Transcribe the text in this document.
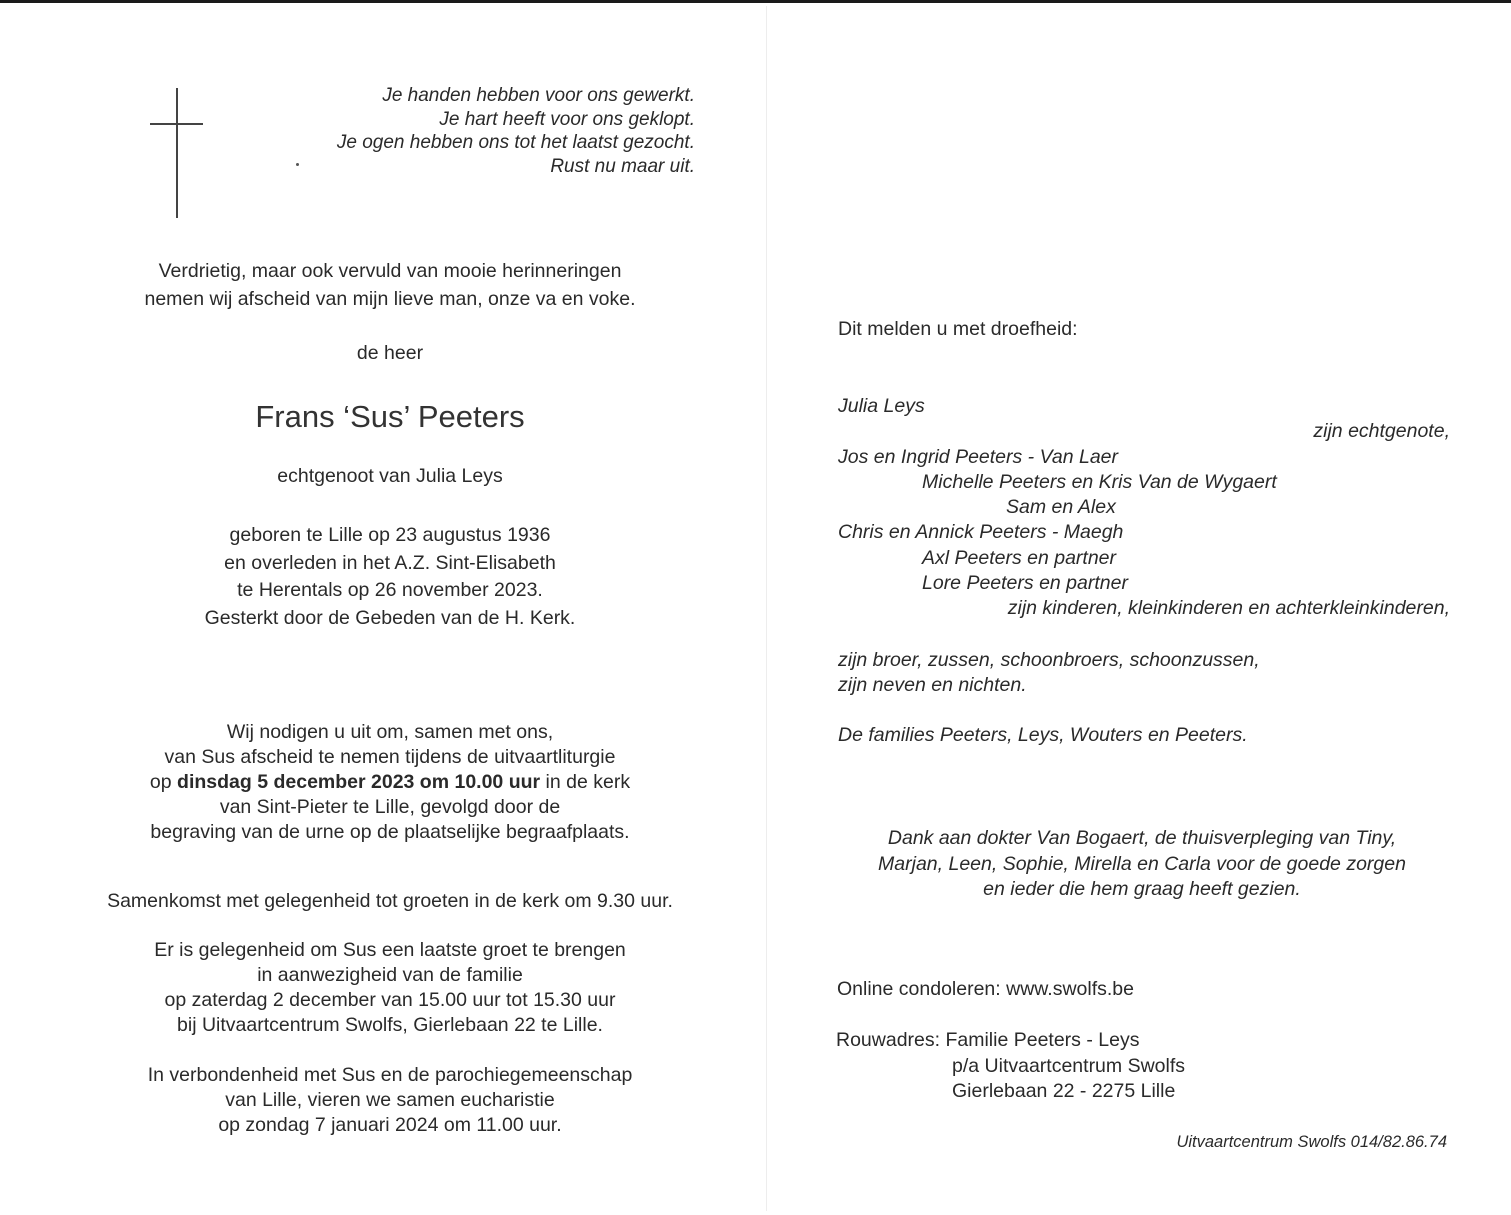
Je handen hebben voor ons gewerkt.
Je hart heeft voor ons geklopt.
Je ogen hebben ons tot het laatst gezocht.
Rust nu maar uit.
Verdrietig, maar ook vervuld van mooie herinneringen
nemen wij afscheid van mijn lieve man, onze va en voke.
de heer
Frans ‘Sus’ Peeters
echtgenoot van Julia Leys
geboren te Lille op 23 augustus 1936
en overleden in het A.Z. Sint-Elisabeth
te Herentals op 26 november 2023.
Gesterkt door de Gebeden van de H. Kerk.
Wij nodigen u uit om, samen met ons,
van Sus afscheid te nemen tijdens de uitvaartliturgie
op dinsdag 5 december 2023 om 10.00 uur in de kerk
van Sint-Pieter te Lille, gevolgd door de
begraving van de urne op de plaatselijke begraafplaats.
Samenkomst met gelegenheid tot groeten in de kerk om 9.30 uur.
Er is gelegenheid om Sus een laatste groet te brengen
in aanwezigheid van de familie
op zaterdag 2 december van 15.00 uur tot 15.30 uur
bij Uitvaartcentrum Swolfs, Gierlebaan 22 te Lille.
In verbondenheid met Sus en de parochiegemeenschap
van Lille, vieren we samen eucharistie
op zondag 7 januari 2024 om 11.00 uur.
Dit melden u met droefheid:
Julia Leys
zijn echtgenote,
Jos en Ingrid Peeters - Van Laer
Michelle Peeters en Kris Van de Wygaert
Sam en Alex
Chris en Annick Peeters - Maegh
Axl Peeters en partner
Lore Peeters en partner
zijn kinderen, kleinkinderen en achterkleinkinderen,
zijn broer, zussen, schoonbroers, schoonzussen,
zijn neven en nichten.
De families Peeters, Leys, Wouters en Peeters.
Dank aan dokter Van Bogaert, de thuisverpleging van Tiny,
Marjan, Leen, Sophie, Mirella en Carla voor de goede zorgen
en ieder die hem graag heeft gezien.
Online condoleren: www.swolfs.be
Rouwadres: Familie Peeters - Leys
p/a Uitvaartcentrum Swolfs
Gierlebaan 22 - 2275 Lille
Uitvaartcentrum Swolfs 014/82.86.74
